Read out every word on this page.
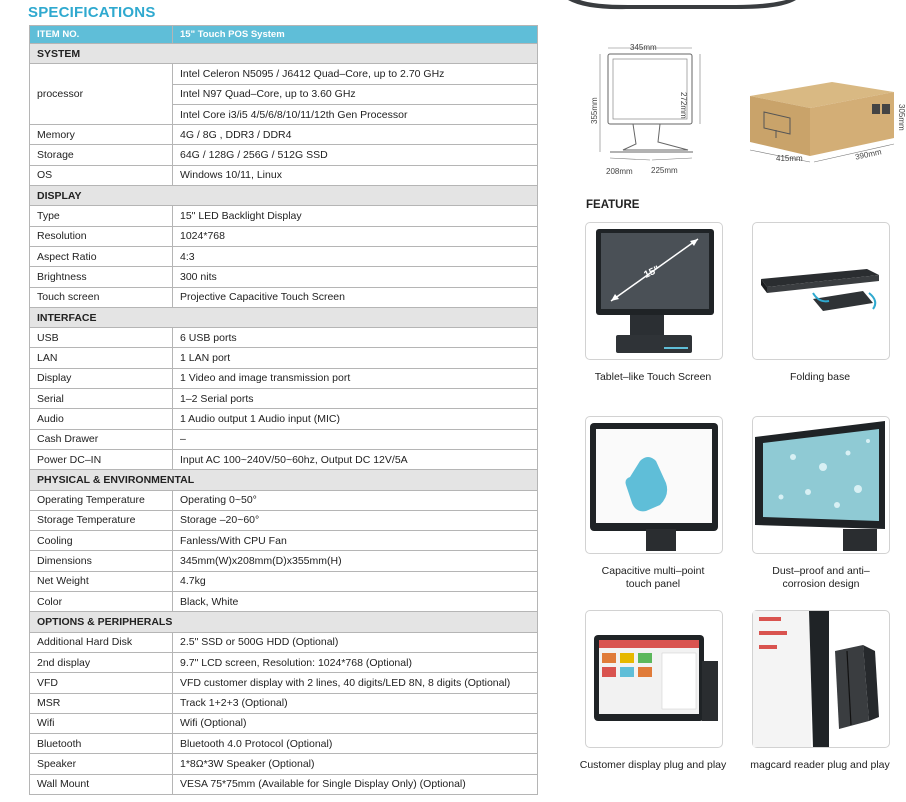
SPECIFICATIONS
ITEM NO.	15" Touch POS System
SYSTEM	
processor	Intel Celeron N5095 / J6412 Quad–Core, up to 2.70 GHz
	Intel N97 Quad–Core, up to 3.60 GHz
	Intel Core i3/i5 4/5/6/8/10/11/12th Gen Processor
Memory	4G / 8G , DDR3 / DDR4
Storage	64G / 128G / 256G / 512G SSD
OS	Windows 10/11, Linux
DISPLAY	
Type	15" LED Backlight Display
Resolution	1024*768
Aspect Ratio	4:3
Brightness	300 nits
Touch screen	Projective Capacitive Touch Screen
INTERFACE	
USB	6 USB ports
LAN	1 LAN port
Display	1 Video and image transmission port
Serial	1–2 Serial ports
Audio	1 Audio output 1 Audio input (MIC)
Cash Drawer	–
Power DC–IN	Input AC 100~240V/50~60hz, Output DC 12V/5A
PHYSICAL & ENVIRONMENTAL	
Operating Temperature	Operating 0~50°
Storage Temperature	Storage –20~60°
Cooling	Fanless/With CPU Fan
Dimensions	345mm(W)x208mm(D)x355mm(H)
Net Weight	4.7kg
Color	Black, White
OPTIONS & PERIPHERALS	
Additional Hard Disk	2.5" SSD or 500G HDD (Optional)
2nd display	9.7" LCD screen, Resolution: 1024*768 (Optional)
VFD	VFD customer display with 2 lines, 40 digits/LED 8N, 8 digits (Optional)
MSR	Track 1+2+3 (Optional)
Wifi	Wifi (Optional)
Bluetooth	Bluetooth 4.0 Protocol (Optional)
Speaker	1*8Ω*3W Speaker (Optional)
Wall Mount	VESA 75*75mm (Available for Single Display Only) (Optional)
345mm
272mm
355mm
208mm 225mm
415mm	390mm
305mm
FEATURE
15"
Tablet–like Touch Screen	Folding base
Capacitive multi–point touch panel
Dust–proof and anti–corrosion design
Customer display plug and play	magcard reader plug and play
